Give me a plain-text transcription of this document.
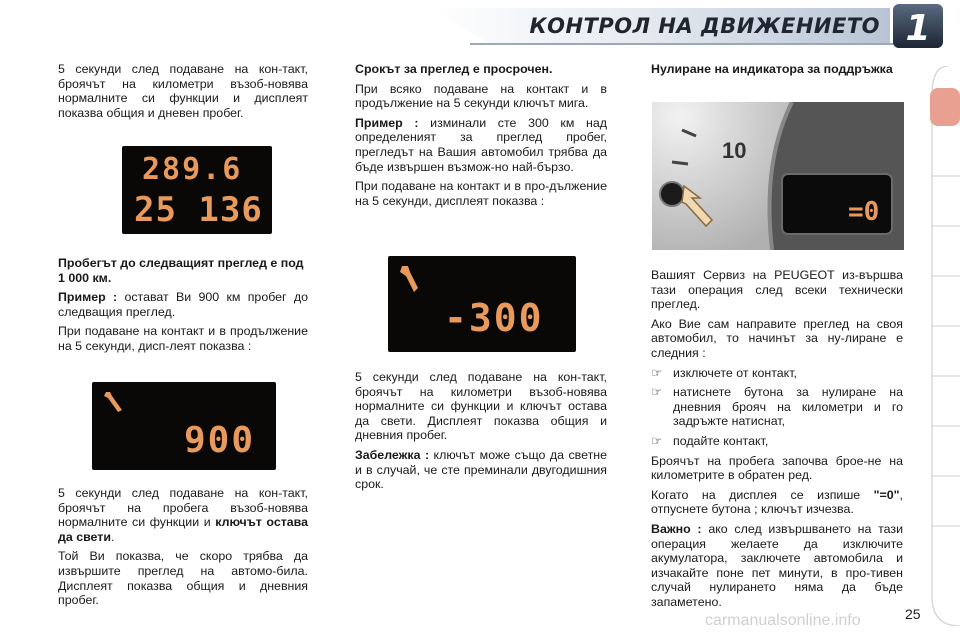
КОНТРОЛ НА ДВИЖЕНИЕТО 1

5 секунди след подаване на кон-такт, броячът на километри възоб-новява нормалните си функции и дисплеят показва общия и дневен пробег.

289.6
25 136
Пробегът до следващият преглед е под 1 000 км.

Пример : остават Ви 900 км пробег до следващия преглед.

При подаване на контакт и в продължение на 5 секунди, дисп-леят показва :

900

5 секунди след подаване на кон-такт, броячът на пробега възоб-новява нормалните си функции и ключът остава да свети.

Той Ви показва, че скоро трябва да извършите преглед на автомо-била. Дисплеят показва общия и дневния пробег.

Срокът за преглед е просрочен.

При всяко подаване на контакт и в продължение на 5 секунди ключът мига.

Пример : изминали сте 300 км над определеният за преглед пробег, прегледът на Вашия автомобил трябва да бъде извършен възмож-но най-бързо.

При подаване на контакт и в про-дължение на 5 секунди, дисплеят показва :

-300

5 секунди след подаване на кон-такт, броячът на километри възоб-новява нормалните си функции и ключът остава да свети. Дисплеят показва общия и дневния пробег.

Забележка : ключът може също да светне и в случай, че сте преминали двугодишния срок.

Нулиране на индикатора за поддръжка
10
=0

Вашият Сервиз на PEUGEOT из-вършва тази операция след всеки технически преглед.

Ако Вие сам направите преглед на своя автомобил, то начинът за ну-лиране е следния :

☞ изключете от контакт,
☞ натиснете бутона за нулиране на дневния брояч на километри и го задръжте натиснат,
☞ подайте контакт,

Броячът на пробега започва брое-не на километрите в обратен ред.

Когато на дисплея се изпише "=0", отпуснете бутона ; ключът изчезва.

Важно : ако след извършването на тази операция желаете да изключите акумулатора, заключете автомобила и изчакайте поне пет минути, в про-тивен случай нулирането няма да бъде запаметено.

carmanualsonline.info	25
